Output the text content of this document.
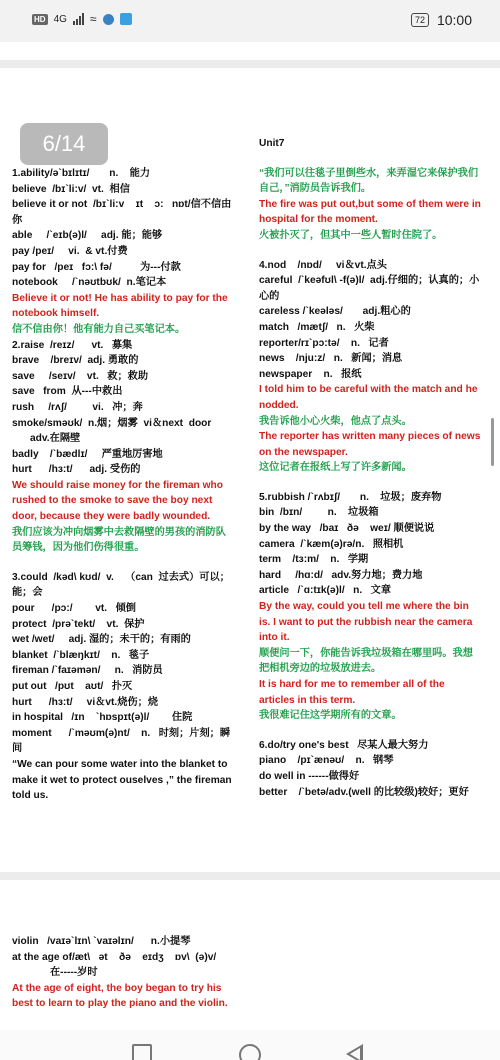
HD 4G ≈	72 10:00
6/14

1.ability/ə`bɪlɪtɪ/       n.    能力

believe  /bɪ`li:v/  vt.  相信

believe it or not  /bɪ`li:v    ɪt    ɔ:   nɒt/信不信由你

able     /`eɪb(ə)l/     adj. 能；能够

pay /peɪ/     vi.  & vt.付费

pay for   /peɪ   fɔ:\ fə/          为---付款

notebook     /`nəʊtbʊk/  n.笔记本

Believe it or not! He has ability to pay for the notebook himself.

信不信由你！他有能力自己买笔记本。

2.raise  /reɪz/      vt.   募集

brave    /breɪv/  adj. 勇敢的

save     /seɪv/    vt.   救；救助

save   from  从---中救出

rush     /rʌʃ/         vi.   冲；奔

smoke/sməʊk/  n.烟；烟雾  vi＆next  door

adv.在隔壁

badly    /`bædlɪ/     严重地厉害地

hurt      /hɜ:t/      adj. 受伤的

We should raise money for the fireman who rushed to the smoke to save the boy next door, because they were badly wounded.

我们应该为冲向烟雾中去救隔壁的男孩的消防队员筹钱，因为他们伤得很重。

3.could  /kəd\ kʊd/  v.    （can  过去式）可以；能；会

pour      /pɔ:/        vt.   倾倒

protect  /prə`tekt/    vt.  保护

wet /wet/     adj. 湿的；未干的；有雨的

blanket  /`blæŋkɪt/    n.   毯子

fireman /`faɪəmən/     n.   消防员

put out   /pʊt    aʊt/   扑灭

hurt      /hɜ:t/     vi＆vt.烧伤；烧

in hospital   /ɪn    `hɒspɪt(ə)l/        住院

moment      /`məʊm(ə)nt/    n.   时刻；片刻；瞬间

“We can pour some water into the blanket to make it wet to protect ouselves ,” the fireman told us.

Unit7

“我们可以往毯子里倒些水，来弄湿它来保护我们自己，”消防员告诉我们。

The fire was put out,but some of them were in hospital for the moment.

火被扑灭了，但其中一些人暂时住院了。

4.nod    /nɒd/     vi＆vt.点头

careful  /`keəfʊl\ -f(ə)l/  adj.仔细的；认真的；小心的

careless /`keələs/       adj.粗心的

match   /mætʃ/   n.   火柴

reporter/rɪ`pɔ:tə/    n.   记者

news    /nju:z/   n.   新闻；消息

newspaper    n.   报纸

I told him to be careful with the match and he nodded.

我告诉他小心火柴，他点了点头。

The reporter has written many pieces of news on the newspaper.

这位记者在报纸上写了许多新闻。

5.rubbish /`rʌbɪʃ/       n.    垃圾；废弃物

bin  /bɪn/         n.    垃圾箱

by the way   /baɪ   ðə    weɪ/ 顺便说说

camera  /`kæm(ə)rə/n.   照相机

term    /tɜ:m/    n.   学期

hard     /hɑ:d/   adv.努力地；费力地

article   /`ɑ:tɪk(ə)l/   n.   文章

By the way, could you tell me where the bin is. I want to put the rubbish near the camera into it.

顺便问一下，你能告诉我垃圾箱在哪里吗。我想把相机旁边的垃圾放进去。

It is hard for me to remember all of the articles in this term.

我很难记住这学期所有的文章。

6.do/try one's best   尽某人最大努力

piano    /pɪ`ænəʊ/    n.   钢琴

do well in ------做得好

better    /`betə/adv.(well 的比较级)较好；更好

violin   /vaɪə`lɪn\ `vaɪəlɪn/      n.小提琴

at the age of/æt\   ət    ðə    eɪdʒ    ɒv\  (ə)v/

在-----岁时

At the age of eight, the boy began to try his best to learn to play the piano and the violin.
